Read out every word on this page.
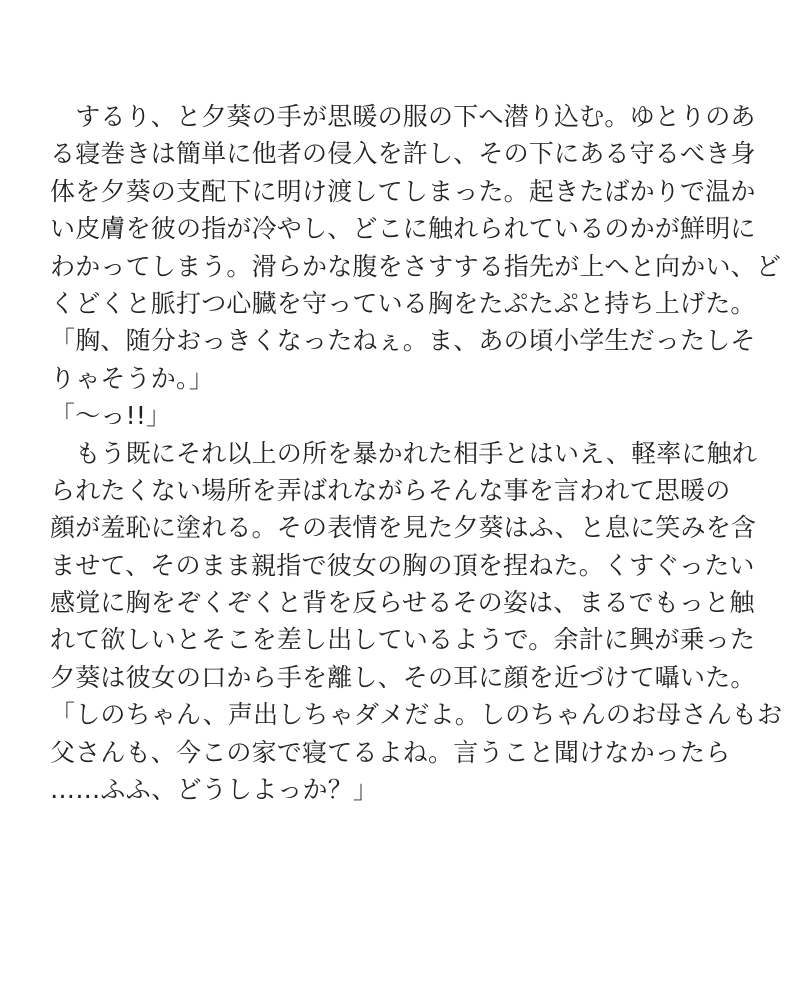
　するり、と夕葵の手が思暖の服の下へ潜り込む。ゆとりのあ
る寝巻きは簡単に他者の侵入を許し、その下にある守るべき身
体を夕葵の支配下に明け渡してしまった。起きたばかりで温か
い皮膚を彼の指が冷やし、どこに触れられているのかが鮮明に
わかってしまう。滑らかな腹をさすする指先が上へと向かい、ど
くどくと脈打つ心臓を守っている胸をたぷたぷと持ち上げた。
「胸、随分おっきくなったねぇ。ま、あの頃小学生だったしそ
りゃそうか。」
「〜っ!!」
　もう既にそれ以上の所を暴かれた相手とはいえ、軽率に触れ
られたくない場所を弄ばれながらそんな事を言われて思暖の
顔が羞恥に塗れる。その表情を見た夕葵はふ、と息に笑みを含
ませて、そのまま親指で彼女の胸の頂を捏ねた。くすぐったい
感覚に胸をぞくぞくと背を反らせるその姿は、まるでもっと触
れて欲しいとそこを差し出しているようで。余計に興が乗った
夕葵は彼女の口から手を離し、その耳に顔を近づけて囁いた。
「しのちゃん、声出しちゃダメだよ。しのちゃんのお母さんもお
父さんも、今この家で寝てるよね。言うこと聞けなかったら
……ふふ、どうしよっか？」
